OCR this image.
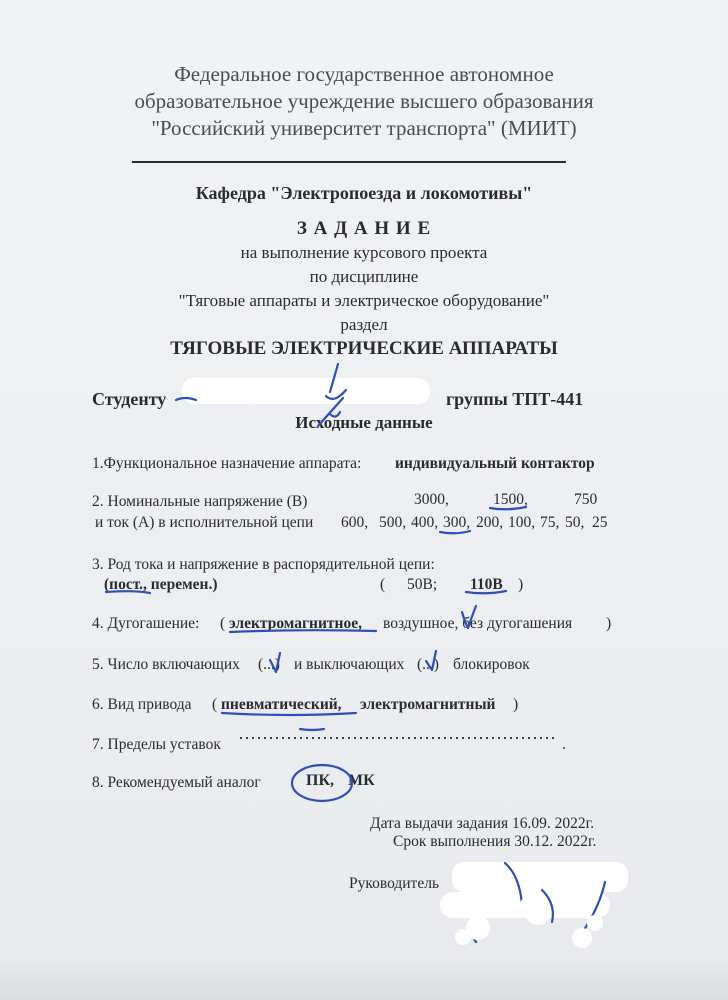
Федеральное государственное автономное
образовательное учреждение высшего образования
"Российский университет транспорта" (МИИТ)
Кафедра "Электропоезда и локомотивы"
З А Д А Н И Е
на выполнение курсового проекта
по дисциплине
"Тяговые аппараты и электрическое оборудование"
раздел
ТЯГОВЫЕ ЭЛЕКТРИЧЕСКИЕ АППАРАТЫ
Студенту	группы ТПТ-441
Исходные данные
1.Функциональное назначение аппарата: индивидуальный контактор
2. Номинальные напряжение (В)	3000,	1500,	750
и ток (А) в исполнительной цепи 600, 500, 400, 300, 200, 100, 75, 50, 25
3. Род тока и напряжение в распорядительной цепи:
(пост., перемен.)	( 50В; 110В )
4. Дугогашение: ( электромагнитное, воздушное, без дугогашения )
5. Число включающих (...) и выключающих (...) блокировок
6. Вид привода ( пневматический, электромагнитный )
7. Пределы уставок	.
8. Рекомендуемый аналог	ПК, МК
Дата выдачи задания 16.09. 2022г.
Срок выполнения 30.12. 2022г.
Руководитель
